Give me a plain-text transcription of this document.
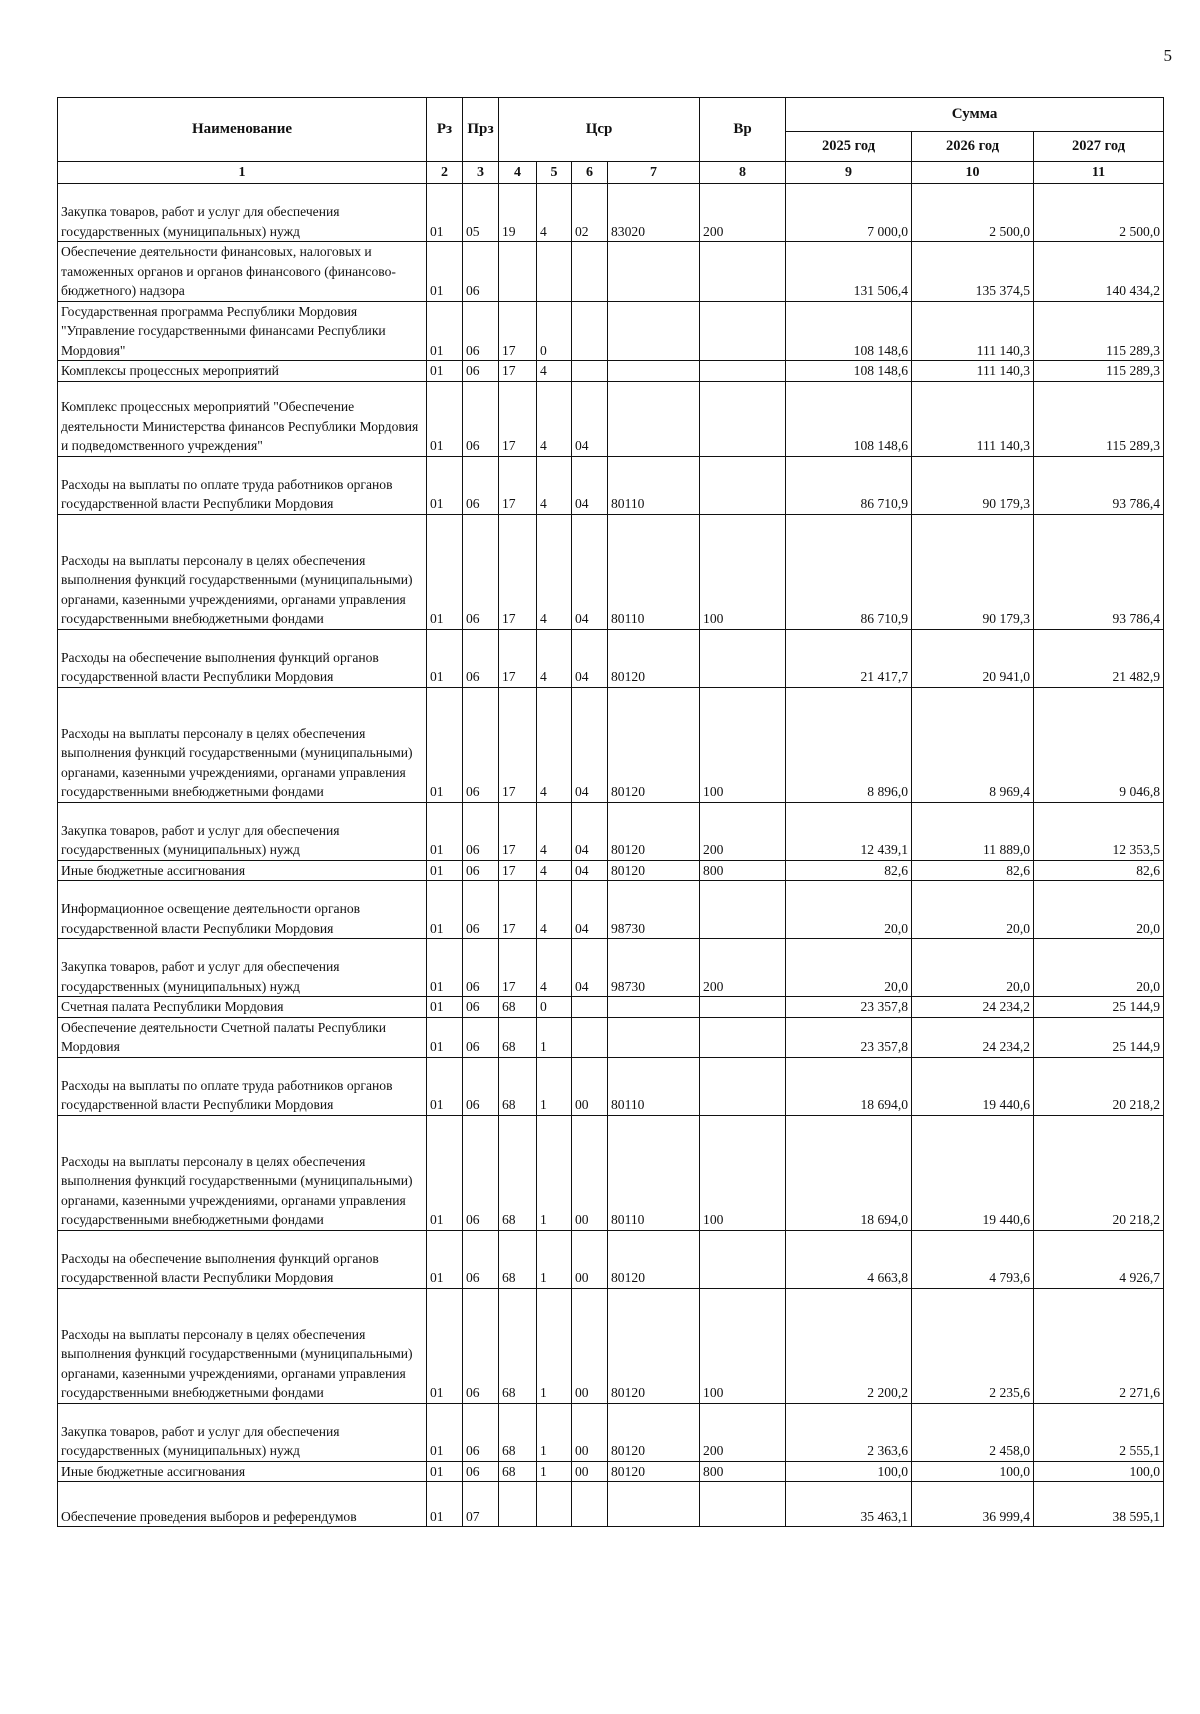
5
Наименование	Рз	Прз	Цср				Вр	Сумма		
								2025 год	2026 год	2027 год
1	2	3	4	5	6	7	8	9	10	11
Закупка товаров, работ и услуг для обеспечения государственных (муниципальных) нужд	01	05	19	4	02	83020	200	7 000,0	2 500,0	2 500,0
Обеспечение деятельности финансовых, налоговых и таможенных органов и органов финансового (финансово-бюджетного) надзора	01	06						131 506,4	135 374,5	140 434,2
Государственная программа Республики Мордовия "Управление государственными финансами Республики Мордовия"	01	06	17	0				108 148,6	111 140,3	115 289,3
Комплексы процессных мероприятий	01	06	17	4				108 148,6	111 140,3	115 289,3
Комплекс процессных мероприятий "Обеспечение деятельности Министерства финансов Республики Мордовия и подведомственного учреждения"	01	06	17	4	04			108 148,6	111 140,3	115 289,3
Расходы на выплаты по оплате труда работников органов государственной власти Республики Мордовия	01	06	17	4	04	80110		86 710,9	90 179,3	93 786,4
Расходы на выплаты персоналу в целях обеспечения выполнения функций государственными (муниципальными) органами, казенными учреждениями, органами управления государственными внебюджетными фондами	01	06	17	4	04	80110	100	86 710,9	90 179,3	93 786,4
Расходы на обеспечение выполнения функций органов государственной власти Республики Мордовия	01	06	17	4	04	80120		21 417,7	20 941,0	21 482,9
Расходы на выплаты персоналу в целях обеспечения выполнения функций государственными (муниципальными) органами, казенными учреждениями, органами управления государственными внебюджетными фондами	01	06	17	4	04	80120	100	8 896,0	8 969,4	9 046,8
Закупка товаров, работ и услуг для обеспечения государственных (муниципальных) нужд	01	06	17	4	04	80120	200	12 439,1	11 889,0	12 353,5
Иные бюджетные ассигнования	01	06	17	4	04	80120	800	82,6	82,6	82,6
Информационное освещение деятельности органов государственной власти Республики Мордовия	01	06	17	4	04	98730		20,0	20,0	20,0
Закупка товаров, работ и услуг для обеспечения государственных (муниципальных) нужд	01	06	17	4	04	98730	200	20,0	20,0	20,0
Счетная палата Республики Мордовия	01	06	68	0				23 357,8	24 234,2	25 144,9
Обеспечение деятельности Счетной палаты Республики Мордовия	01	06	68	1				23 357,8	24 234,2	25 144,9
Расходы на выплаты по оплате труда работников органов государственной власти Республики Мордовия	01	06	68	1	00	80110		18 694,0	19 440,6	20 218,2
Расходы на выплаты персоналу в целях обеспечения выполнения функций государственными (муниципальными) органами, казенными учреждениями, органами управления государственными внебюджетными фондами	01	06	68	1	00	80110	100	18 694,0	19 440,6	20 218,2
Расходы на обеспечение выполнения функций органов государственной власти Республики Мордовия	01	06	68	1	00	80120		4 663,8	4 793,6	4 926,7
Расходы на выплаты персоналу в целях обеспечения выполнения функций государственными (муниципальными) органами, казенными учреждениями, органами управления государственными внебюджетными фондами	01	06	68	1	00	80120	100	2 200,2	2 235,6	2 271,6
Закупка товаров, работ и услуг для обеспечения государственных (муниципальных) нужд	01	06	68	1	00	80120	200	2 363,6	2 458,0	2 555,1
Иные бюджетные ассигнования	01	06	68	1	00	80120	800	100,0	100,0	100,0
Обеспечение проведения выборов и референдумов	01	07						35 463,1	36 999,4	38 595,1
